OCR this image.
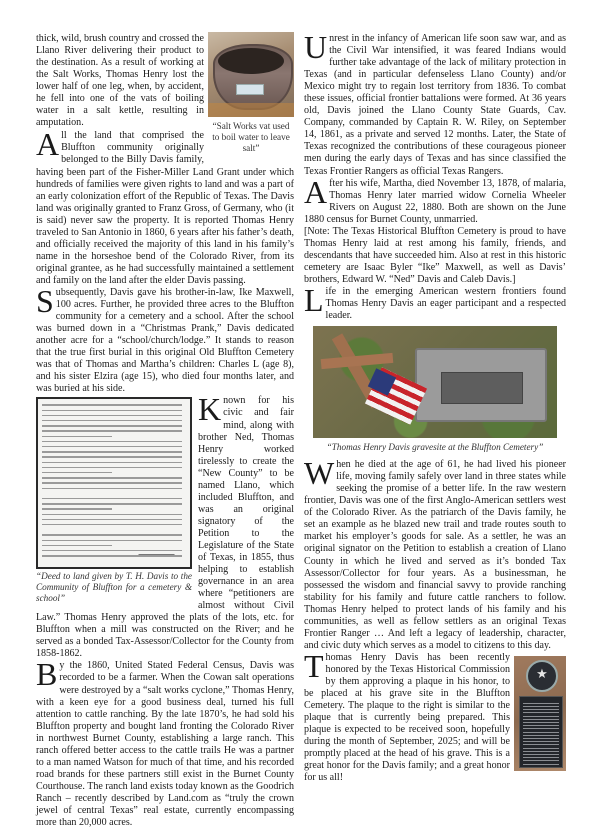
“Salt Works vat used to boil water to leave salt”

thick, wild, brush country and crossed the Llano River delivering their product to the destination. As a result of working at the Salt Works, Thomas Henry lost the lower half of one leg, when, by accident, he fell into one of the vats of boiling water in a salt kettle, resulting in amputation.

All the land that comprised the Bluffton community originally belonged to the Billy Davis family, having been part of the Fisher-Miller Land Grant under which hundreds of families were given rights to land and was a part of an early colonization effort of the Republic of Texas. The Davis land was originally granted to Franz Gross, of Germany, who (it is said) never saw the property. It is reported Thomas Henry traveled to San Antonio in 1860, 6 years after his father’s death, and officially received the majority of this land in his family’s name in the horseshoe bend of the Colorado River, from its original grantee, as he had successfully maintained a settlement and family on the land after the elder Davis passing.

Subsequently, Davis gave his brother-in-law, Ike Maxwell, 100 acres. Further, he provided three acres to the Bluffton community for a cemetery and a school. After the school was burned down in a “Christmas Prank,” Davis dedicated another acre for a “school/church/lodge.” It stands to reason that the true first burial in this original Old Bluffton Cemetery was that of Thomas and Martha’s children: Charles L (age 8), and his sister Elzira (age 15), who died four months later, and was buried at his side.

“Deed to land given by T. H. Davis to the Community of Bluffton for a cemetery & school”

Known for his civic and fair mind, along with brother Ned, Thomas Henry worked tirelessly to create the “New County” to be named Llano, which included Bluffton, and was an original signatory of the Petition to the Legislature of the State of Texas, in 1855, thus helping to establish governance in an area where “petitioners are almost without Civil Law.” Thomas Henry approved the plats of the lots, etc. for Bluffton when a mill was constructed on the River; and he served as a bonded Tax-Assessor/Collector for the County from 1858-1862.

By the 1860, United Stated Federal Census, Davis was recorded to be a farmer. When the Cowan salt operations were destroyed by a “salt works cyclone,” Thomas Henry, with a keen eye for a good business deal, turned his full attention to cattle ranching. By the late 1870’s, he had sold his Bluffton property and bought land fronting the Colorado River in northwest Burnet County, establishing a large ranch. This ranch offered better access to the cattle trails He was a partner to a man named Watson for much of that time, and his recorded road brands for these partners still exist in the Burnet County Courthouse. The ranch land exists today known as the Goodrich Ranch – recently described by Land.com as “truly the crown jewel of central Texas” real estate, currently encompassing more than 20,000 acres.

Unrest in the infancy of American life soon saw war, and as the Civil War intensified, it was feared Indians would further take advantage of the lack of military protection in Texas (and in particular defenseless Llano County) and/or Mexico might try to regain lost territory from 1836. To combat these issues, official frontier battalions were formed. At 36 years old, Davis joined the Llano County State Guards, Cav. Company, commanded by Captain R. W. Riley, on September 14, 1861, as a private and served 12 months. Later, the State of Texas recognized the contributions of these courageous pioneer men during the early days of Texas and has since classified the Texas Frontier Rangers as official Texas Rangers.

After his wife, Martha, died November 13, 1878, of malaria, Thomas Henry later married widow Cornelia Wheeler Rivers on August 22, 1880. Both are shown on the June 1880 census for Burnet County, unmarried.

[Note: The Texas Historical Bluffton Cemetery is proud to have Thomas Henry laid at rest among his family, friends, and descendants that have succeeded him. Also at rest in this historic cemetery are Isaac Byler “Ike” Maxwell, as well as Davis’ brothers, Edward W. “Ned” Davis and Caleb Davis.]

Life in the emerging American western frontiers found Thomas Henry Davis an eager participant and a respected leader.

“Thomas Henry Davis gravesite at the Bluffton Cemetery”

When he died at the age of 61, he had lived his pioneer life, moving family safely over land in three states while seeking the promise of a better life. In the raw western frontier, Davis was one of the first Anglo-American settlers west of the Colorado River. As the patriarch of the Davis family, he set an example as he blazed new trail and trade routes south to market his employer’s goods for sale. As a settler, he was an original signator on the Petition to establish a creation of Llano County in which he lived and served as it’s bonded Tax Assessor/Collector for four years. As a businessman, he possessed the wisdom and financial savvy to provide ranching stability for his family and future cattle ranchers to follow. Thomas Henry helped to protect lands of his family and his communities, as well as fellow settlers as an original Texas Frontier Ranger … And left a legacy of leadership, character, and civic duty which serves as a model to citizens to this day.

★

Thomas Henry Davis has been recently honored by the Texas Historical Commission by them approving a plaque in his honor, to be placed at his grave site in the Bluffton Cemetery. The plaque to the right is similar to the plaque that is currently being prepared. This plaque is expected to be received soon, hopefully during the month of September, 2025; and will be promptly placed at the head of his grave. This is a great honor for the Davis family; and a great honor for us all!
